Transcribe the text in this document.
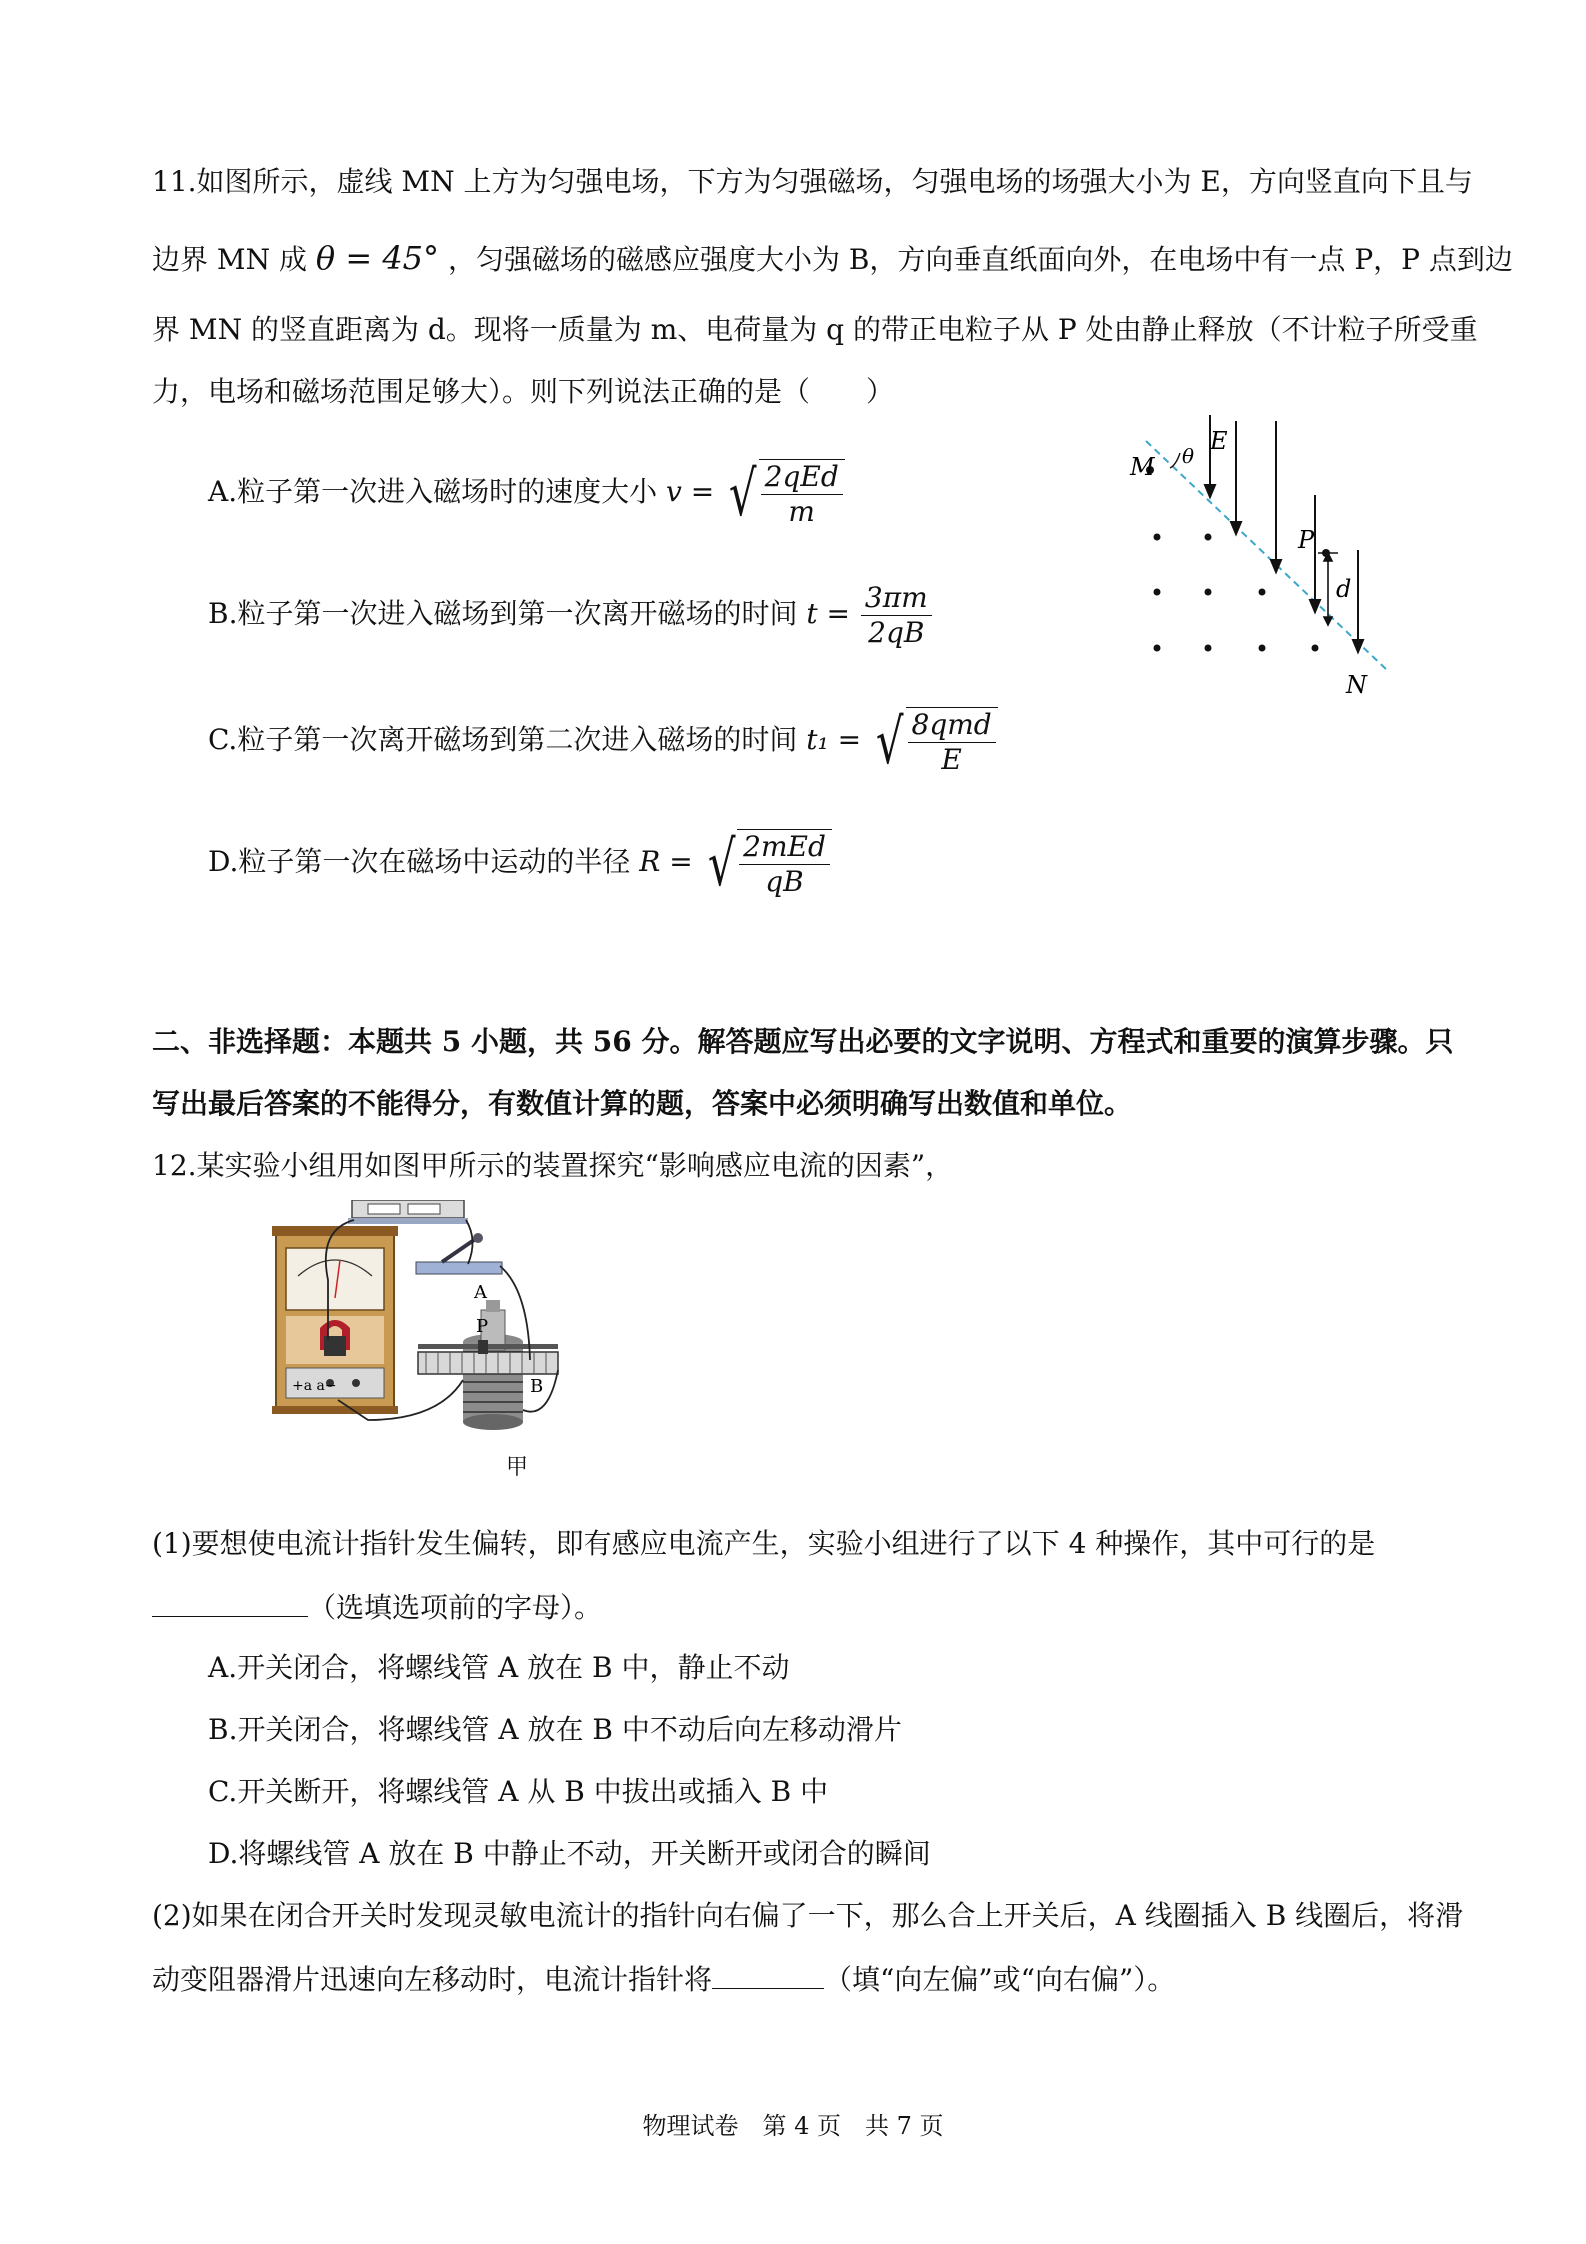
11.如图所示，虚线 MN 上方为匀强电场，下方为匀强磁场，匀强电场的场强大小为 E，方向竖直向下且与
边界 MN 成 θ = 45° ，匀强磁场的磁感应强度大小为 B，方向垂直纸面向外，在电场中有一点 P，P 点到边
界 MN 的竖直距离为 d。现将一质量为 m、电荷量为 q 的带正电粒子从 P 处由静止释放（不计粒子所受重
力，电场和磁场范围足够大）。则下列说法正确的是（　　）
A.粒子第一次进入磁场时的速度大小 v = √ $\frac{\text{2qEd}}{m}$
B.粒子第一次进入磁场到第一次离开磁场的时间 $t = \frac{3\pi m}{2qB}$
C.粒子第一次离开磁场到第二次进入磁场的时间 t₁ = √ $\frac{\text{8qmd}}{E}$
D.粒子第一次在磁场中运动的半径 R = √ $\frac{\text{2mEd}}{qB}$
M θ
E
P
d
N
二、非选择题：本题共 5 小题，共 56 分。解答题应写出必要的文字说明、方程式和重要的演算步骤。只
写出最后答案的不能得分，有数值计算的题，答案中必须明确写出数值和单位。
12.某实验小组用如图甲所示的装置探究“影响感应电流的因素”，
+a a−
A
B
P
甲
(1)要想使电流计指针发生偏转，即有感应电流产生，实验小组进行了以下 4 种操作，其中可行的是
（选填选项前的字母）。
A.开关闭合，将螺线管 A 放在 B 中，静止不动
B.开关闭合，将螺线管 A 放在 B 中不动后向左移动滑片
C.开关断开，将螺线管 A 从 B 中拔出或插入 B 中
D.将螺线管 A 放在 B 中静止不动，开关断开或闭合的瞬间
(2)如果在闭合开关时发现灵敏电流计的指针向右偏了一下，那么合上开关后，A 线圈插入 B 线圈后，将滑
动变阻器滑片迅速向左移动时，电流计指针将	（填“向左偏”或“向右偏”）。
物理试卷　第 4 页　共 7 页
